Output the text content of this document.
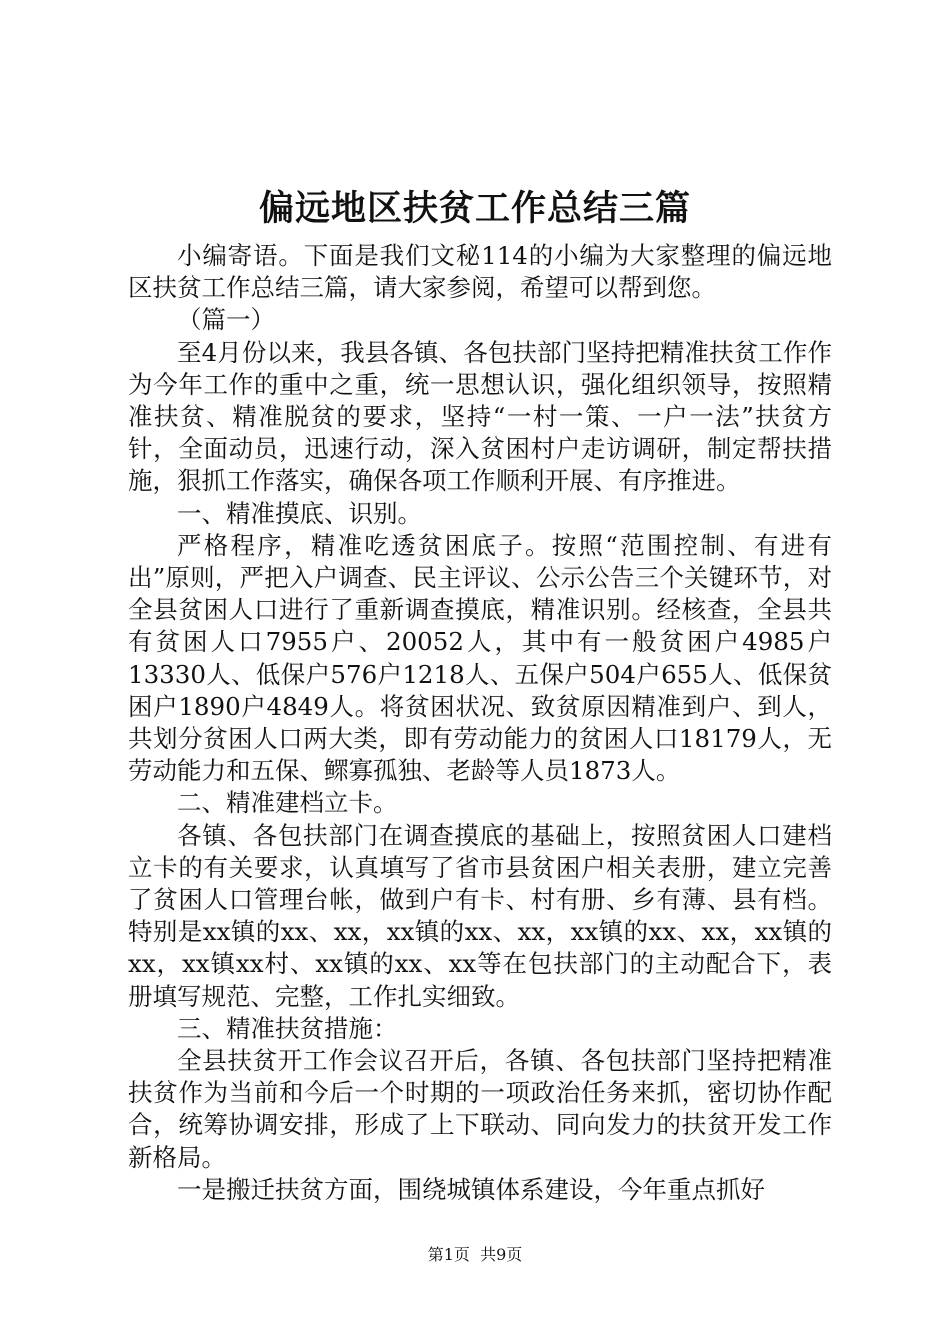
偏远地区扶贫工作总结三篇

小编寄语。下面是我们文秘114的小编为大家整理的偏远地区扶贫工作总结三篇，请大家参阅，希望可以帮到您。

（篇一）

至4月份以来，我县各镇、各包扶部门坚持把精准扶贫工作作为今年工作的重中之重，统一思想认识，强化组织领导，按照精准扶贫、精准脱贫的要求，坚持“一村一策、一户一法”扶贫方针，全面动员，迅速行动，深入贫困村户走访调研，制定帮扶措施，狠抓工作落实，确保各项工作顺利开展、有序推进。

一、精准摸底、识别。

严格程序，精准吃透贫困底子。按照“范围控制、有进有出”原则，严把入户调查、民主评议、公示公告三个关键环节，对全县贫困人口进行了重新调查摸底，精准识别。经核查，全县共有贫困人口7955户、20052人，其中有一般贫困户4985户13330人、低保户576户1218人、五保户504户655人、低保贫困户1890户4849人。将贫困状况、致贫原因精准到户、到人，共划分贫困人口两大类，即有劳动能力的贫困人口18179人，无劳动能力和五保、鳏寡孤独、老龄等人员1873人。

二、精准建档立卡。

各镇、各包扶部门在调查摸底的基础上，按照贫困人口建档立卡的有关要求，认真填写了省市县贫困户相关表册，建立完善了贫困人口管理台帐，做到户有卡、村有册、乡有薄、县有档。特别是xx镇的xx、xx，xx镇的xx、xx，xx镇的xx、xx，xx镇的xx，xx镇xx村、xx镇的xx、xx等在包扶部门的主动配合下，表册填写规范、完整，工作扎实细致。

三、精准扶贫措施：

全县扶贫开工作会议召开后，各镇、各包扶部门坚持把精准扶贫作为当前和今后一个时期的一项政治任务来抓，密切协作配合，统筹协调安排，形成了上下联动、同向发力的扶贫开发工作新格局。

一是搬迁扶贫方面，围绕城镇体系建设，今年重点抓好

第1页 共9页
